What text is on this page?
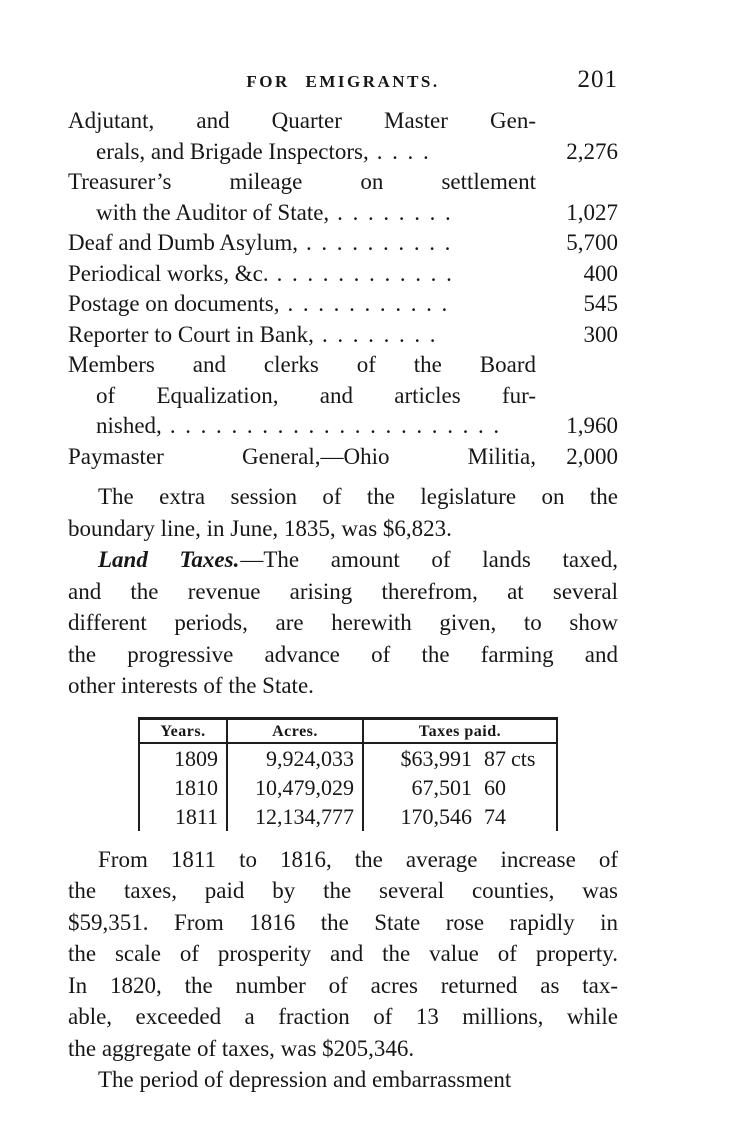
FOR EMIGRANTS.	201
Adjutant, and Quarter Master Gen-
erals, and Brigade Inspectors, ....	2,276
Treasurer’s mileage on settlement
with the Auditor of State, ........	1,027
Deaf and Dumb Asylum, ..........	5,700
Periodical works, &c. ............	400
Postage on documents, ...........	545
Reporter to Court in Bank, ........	300
Members and clerks of the Board
of Equalization, and articles fur-
nished, ......................	1,960
Paymaster General,—Ohio Militia,	2,000

The extra session of the legislature on the
boundary line, in June, 1835, was $6,823.

Land Taxes.—The amount of lands taxed,
and the revenue arising therefrom, at several
different periods, are herewith given, to show
the progressive advance of the farming and
other interests of the State.

Years.	Acres.	Taxes paid.
1809	9,924,033	$63,991 87 cts
1810	10,479,029	67,501 60
1811	12,134,777	170,546 74

From 1811 to 1816, the average increase of
the taxes, paid by the several counties, was
$59,351. From 1816 the State rose rapidly in
the scale of prosperity and the value of property.
In 1820, the number of acres returned as tax-
able, exceeded a fraction of 13 millions, while
the aggregate of taxes, was $205,346.

The period of depression and embarrassment
